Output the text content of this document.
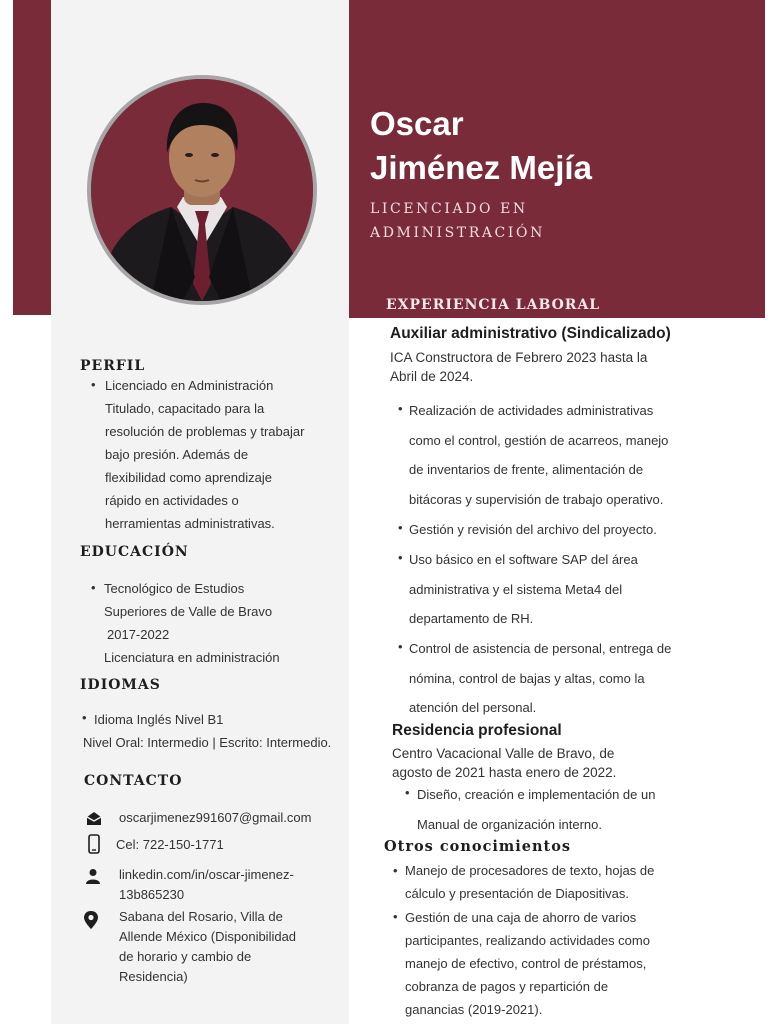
Oscar
Jiménez Mejía
LICENCIADO EN
ADMINISTRACIÓN
PERFIL
• Licenciado en Administración
Titulado, capacitado para la
resolución de problemas y trabajar
bajo presión. Además de
flexibilidad como aprendizaje
rápido en actividades o
herramientas administrativas.
EDUCACIÓN
• Tecnológico de Estudios
Superiores de Valle de Bravo
2017-2022
Licenciatura en administración
IDIOMAS
• Idioma Inglés Nivel B1
Nivel Oral: Intermedio | Escrito: Intermedio.
CONTACTO
oscarjimenez991607@gmail.com
Cel: 722-150-1771
linkedin.com/in/oscar-jimenez-
13b865230
Sabana del Rosario, Villa de
Allende México (Disponibilidad
de horario y cambio de
Residencia)
EXPERIENCIA LABORAL
Auxiliar administrativo (Sindicalizado)
ICA Constructora de Febrero 2023 hasta la
Abril de 2024.
• Realización de actividades administrativas
como el control, gestión de acarreos, manejo
de inventarios de frente, alimentación de
bitácoras y supervisión de trabajo operativo.
• Gestión y revisión del archivo del proyecto.
• Uso básico en el software SAP del área
administrativa y el sistema Meta4 del
departamento de RH.
• Control de asistencia de personal, entrega de
nómina, control de bajas y altas, como la
atención del personal.
Residencia profesional
Centro Vacacional Valle de Bravo, de
agosto de 2021 hasta enero de 2022.
• Diseño, creación e implementación de un
Manual de organización interno.
Otros conocimientos
• Manejo de procesadores de texto, hojas de
cálculo y presentación de Diapositivas.
• Gestión de una caja de ahorro de varios
participantes, realizando actividades como
manejo de efectivo, control de préstamos,
cobranza de pagos y repartición de
ganancias (2019-2021).
